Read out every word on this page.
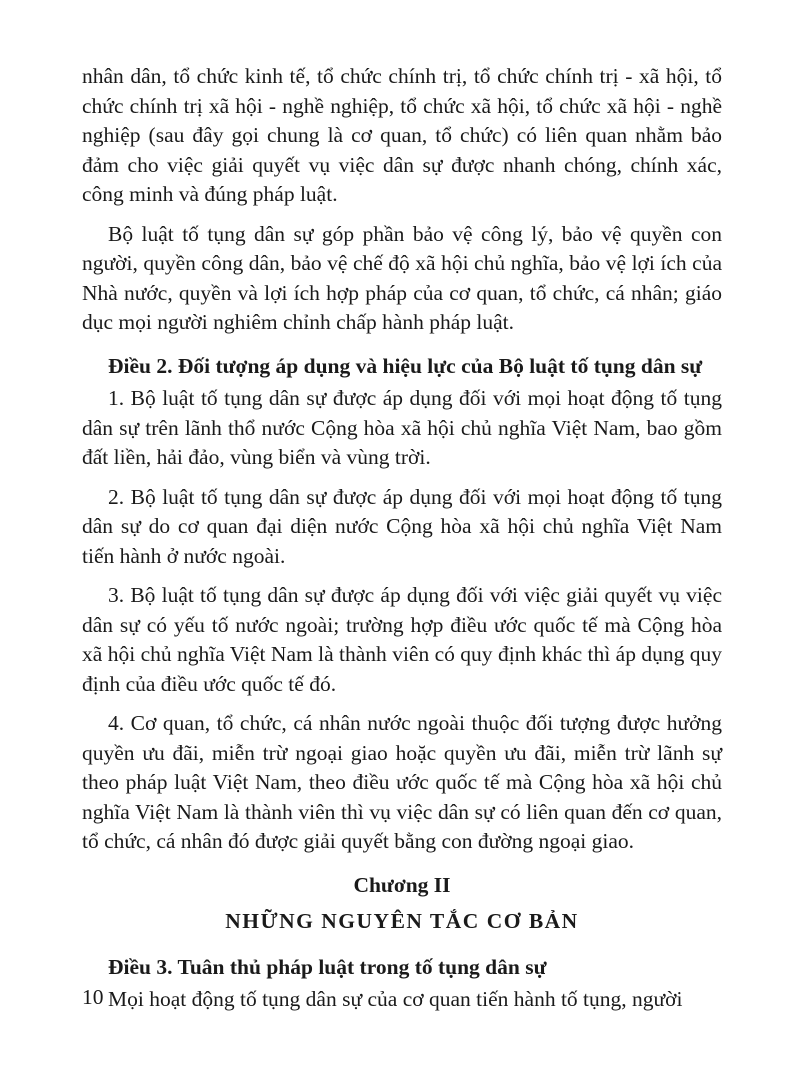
nhân dân, tổ chức kinh tế, tổ chức chính trị, tổ chức chính trị - xã hội, tổ chức chính trị xã hội - nghề nghiệp, tổ chức xã hội, tổ chức xã hội - nghề nghiệp (sau đây gọi chung là cơ quan, tổ chức) có liên quan nhằm bảo đảm cho việc giải quyết vụ việc dân sự được nhanh chóng, chính xác, công minh và đúng pháp luật.

Bộ luật tố tụng dân sự góp phần bảo vệ công lý, bảo vệ quyền con người, quyền công dân, bảo vệ chế độ xã hội chủ nghĩa, bảo vệ lợi ích của Nhà nước, quyền và lợi ích hợp pháp của cơ quan, tổ chức, cá nhân; giáo dục mọi người nghiêm chỉnh chấp hành pháp luật.

Điều 2. Đối tượng áp dụng và hiệu lực của Bộ luật tố tụng dân sự

1. Bộ luật tố tụng dân sự được áp dụng đối với mọi hoạt động tố tụng dân sự trên lãnh thổ nước Cộng hòa xã hội chủ nghĩa Việt Nam, bao gồm đất liền, hải đảo, vùng biển và vùng trời.

2. Bộ luật tố tụng dân sự được áp dụng đối với mọi hoạt động tố tụng dân sự do cơ quan đại diện nước Cộng hòa xã hội chủ nghĩa Việt Nam tiến hành ở nước ngoài.

3. Bộ luật tố tụng dân sự được áp dụng đối với việc giải quyết vụ việc dân sự có yếu tố nước ngoài; trường hợp điều ước quốc tế mà Cộng hòa xã hội chủ nghĩa Việt Nam là thành viên có quy định khác thì áp dụng quy định của điều ước quốc tế đó.

4. Cơ quan, tổ chức, cá nhân nước ngoài thuộc đối tượng được hưởng quyền ưu đãi, miễn trừ ngoại giao hoặc quyền ưu đãi, miễn trừ lãnh sự theo pháp luật Việt Nam, theo điều ước quốc tế mà Cộng hòa xã hội chủ nghĩa Việt Nam là thành viên thì vụ việc dân sự có liên quan đến cơ quan, tổ chức, cá nhân đó được giải quyết bằng con đường ngoại giao.

Chương II
NHỮNG NGUYÊN TẮC CƠ BẢN
Điều 3. Tuân thủ pháp luật trong tố tụng dân sự

Mọi hoạt động tố tụng dân sự của cơ quan tiến hành tố tụng, người

10
